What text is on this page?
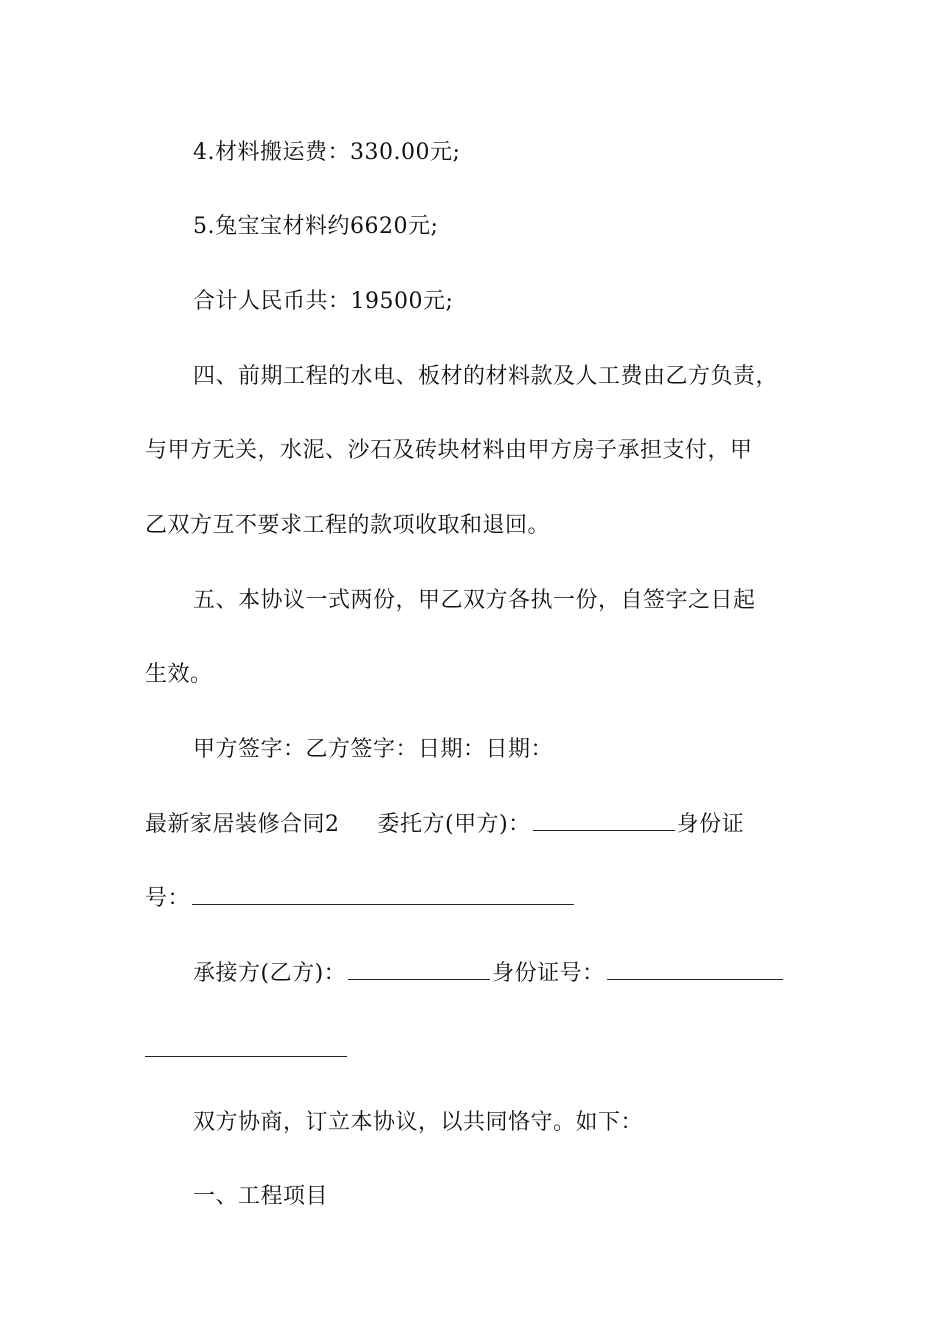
4.材料搬运费：330.00元;
5.兔宝宝材料约6620元;
合计人民币共：19500元;
四、前期工程的水电、板材的材料款及人工费由乙方负责，
与甲方无关，水泥、沙石及砖块材料由甲方房子承担支付，甲
乙双方互不要求工程的款项收取和退回。
五、本协议一式两份，甲乙双方各执一份，自签字之日起
生效。
甲方签字：乙方签字：日期：日期：
最新家居装修合同2 委托方(甲方)：	身份证
号：
承接方(乙方)：	身份证号：
双方协商，订立本协议，以共同恪守。如下：
一、工程项目
